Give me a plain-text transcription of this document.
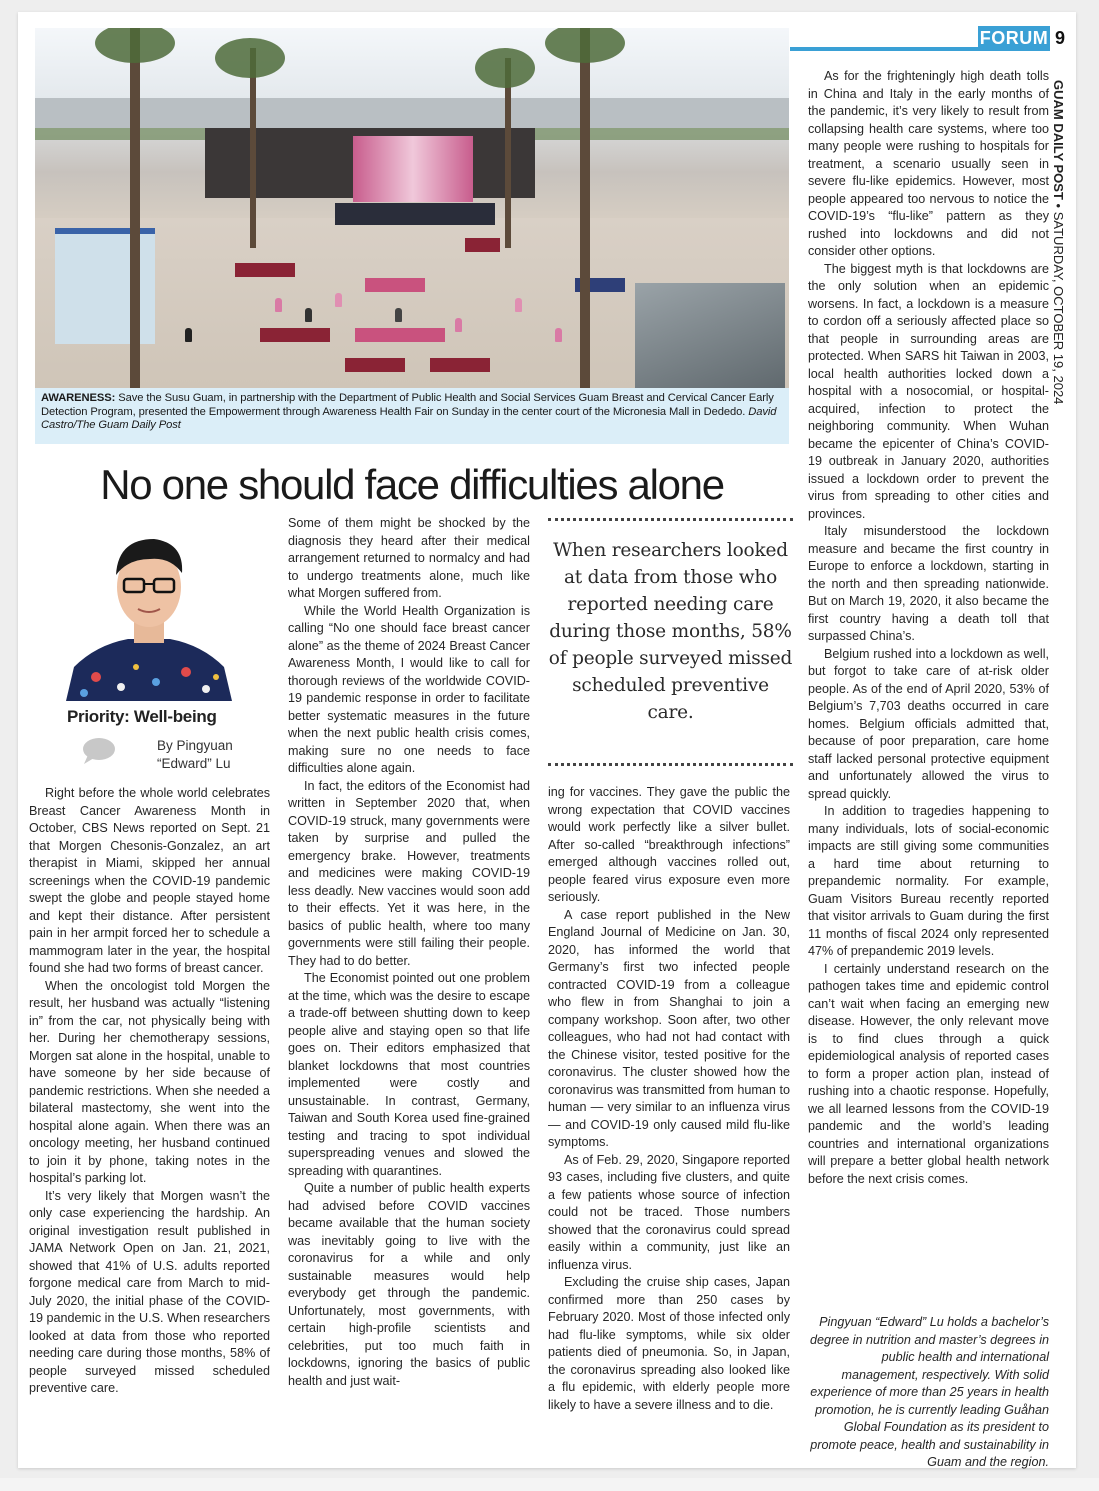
FORUM 9
GUAM DAILY POST • SATURDAY, OCTOBER 19, 2024
AWARENESS: Save the Susu Guam, in partnership with the Department of Public Health and Social Services Guam Breast and Cervical Cancer Early Detection Program, presented the Empowerment through Awareness Health Fair on Sunday in the center court of the Micronesia Mall in Dededo. David Castro/The Guam Daily Post
No one should face difficulties alone
Priority: Well-being
By Pingyuan
“Edward” Lu
When researchers looked at data from those who reported needing care during those months, 58% of people surveyed missed scheduled preventive care.

Right before the whole world celebrates Breast Cancer Awareness Month in October, CBS News reported on Sept. 21 that Morgen Chesonis-Gonzalez, an art therapist in Miami, skipped her annual screenings when the COVID-19 pandemic swept the globe and people stayed home and kept their distance. After persistent pain in her armpit forced her to schedule a mammogram later in the year, the hospital found she had two forms of breast cancer.

When the oncologist told Morgen the result, her husband was actually “listening in” from the car, not physically being with her. During her chemotherapy sessions, Morgen sat alone in the hospital, unable to have someone by her side because of pandemic restrictions. When she needed a bilateral mastectomy, she went into the hospital alone again. When there was an oncology meeting, her husband continued to join it by phone, taking notes in the hospital’s parking lot.

It’s very likely that Morgen wasn’t the only case experiencing the hardship. An original investigation result published in JAMA Network Open on Jan. 21, 2021, showed that 41% of U.S. adults reported forgone medical care from March to mid-July 2020, the initial phase of the COVID-19 pandemic in the U.S. When researchers looked at data from those who reported needing care during those months, 58% of people surveyed missed scheduled preventive care.

Some of them might be shocked by the diagnosis they heard after their medical arrangement returned to normalcy and had to undergo treatments alone, much like what Morgen suffered from.

While the World Health Organization is calling “No one should face breast cancer alone” as the theme of 2024 Breast Cancer Awareness Month, I would like to call for thorough reviews of the worldwide COVID-19 pandemic response in order to facilitate better systematic measures in the future when the next public health crisis comes, making sure no one needs to face difficulties alone again.

In fact, the editors of the Economist had written in September 2020 that, when COVID-19 struck, many governments were taken by surprise and pulled the emergency brake. However, treatments and medicines were making COVID-19 less deadly. New vaccines would soon add to their effects. Yet it was here, in the basics of public health, where too many governments were still failing their people. They had to do better.

The Economist pointed out one problem at the time, which was the desire to escape a trade-off between shutting down to keep people alive and staying open so that life goes on. Their editors emphasized that blanket lockdowns that most countries implemented were costly and unsustainable. In contrast, Germany, Taiwan and South Korea used fine-grained testing and tracing to spot individual superspreading venues and slowed the spreading with quarantines.

Quite a number of public health experts had advised before COVID vaccines became available that the human society was inevitably going to live with the coronavirus for a while and only sustainable measures would help everybody get through the pandemic. Unfortunately, most governments, with certain high-profile scientists and celebrities, put too much faith in lockdowns, ignoring the basics of public health and just wait-

ing for vaccines. They gave the public the wrong expectation that COVID vaccines would work perfectly like a silver bullet. After so-called “breakthrough infections” emerged although vaccines rolled out, people feared virus exposure even more seriously.

A case report published in the New England Journal of Medicine on Jan. 30, 2020, has informed the world that Germany’s first two infected people contracted COVID-19 from a colleague who flew in from Shanghai to join a company workshop. Soon after, two other colleagues, who had not had contact with the Chinese visitor, tested positive for the coronavirus. The cluster showed how the coronavirus was transmitted from human to human — very similar to an influenza virus — and COVID-19 only caused mild flu-like symptoms.

As of Feb. 29, 2020, Singapore reported 93 cases, including five clusters, and quite a few patients whose source of infection could not be traced. Those numbers showed that the coronavirus could spread easily within a community, just like an influenza virus.

Excluding the cruise ship cases, Japan confirmed more than 250 cases by February 2020. Most of those infected only had flu-like symptoms, while six older patients died of pneumonia. So, in Japan, the coronavirus spreading also looked like a flu epidemic, with elderly people more likely to have a severe illness and to die.

As for the frighteningly high death tolls in China and Italy in the early months of the pandemic, it’s very likely to result from collapsing health care systems, where too many people were rushing to hospitals for treatment, a scenario usually seen in severe flu-like epidemics. However, most people appeared too nervous to notice the COVID-19’s “flu-like” pattern as they rushed into lockdowns and did not consider other options.

The biggest myth is that lockdowns are the only solution when an epidemic worsens. In fact, a lockdown is a measure to cordon off a seriously affected place so that people in surrounding areas are protected. When SARS hit Taiwan in 2003, local health authorities locked down a hospital with a nosocomial, or hospital-acquired, infection to protect the neighboring community. When Wuhan became the epicenter of China’s COVID-19 outbreak in January 2020, authorities issued a lockdown order to prevent the virus from spreading to other cities and provinces.

Italy misunderstood the lockdown measure and became the first country in Europe to enforce a lockdown, starting in the north and then spreading nationwide. But on March 19, 2020, it also became the first country having a death toll that surpassed China’s.

Belgium rushed into a lockdown as well, but forgot to take care of at-risk older people. As of the end of April 2020, 53% of Belgium’s 7,703 deaths occurred in care homes. Belgium officials admitted that, because of poor preparation, care home staff lacked personal protective equipment and unfortunately allowed the virus to spread quickly.

In addition to tragedies happening to many individuals, lots of social-economic impacts are still giving some communities a hard time about returning to prepandemic normality. For example, Guam Visitors Bureau recently reported that visitor arrivals to Guam during the first 11 months of fiscal 2024 only represented 47% of prepandemic 2019 levels.

I certainly understand research on the pathogen takes time and epidemic control can’t wait when facing an emerging new disease. However, the only relevant move is to find clues through a quick epidemiological analysis of reported cases to form a proper action plan, instead of rushing into a chaotic response. Hopefully, we all learned lessons from the COVID-19 pandemic and the world’s leading countries and international organizations will prepare a better global health network before the next crisis comes.

Pingyuan “Edward” Lu holds a bachelor’s degree in nutrition and master’s degrees in public health and international management, respectively. With solid experience of more than 25 years in health promotion, he is currently leading Guåhan Global Foundation as its president to promote peace, health and sustainability in Guam and the region.
